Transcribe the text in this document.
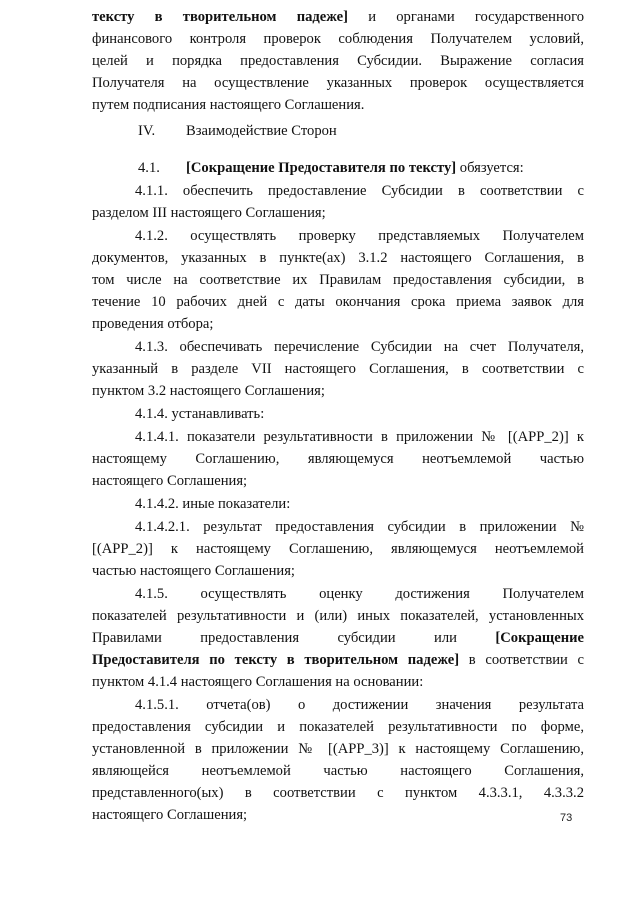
тексту в творительном падеже] и органами государственного
финансового контроля проверок соблюдения Получателем условий,
целей и порядка предоставления Субсидии. Выражение согласия
Получателя на осуществление указанных проверок осуществляется
путем подписания настоящего Соглашения.
IV. Взаимодействие Сторон
4.1. [Сокращение Предоставителя по тексту] обязуется:
4.1.1. обеспечить предоставление Субсидии в соответствии с
разделом III настоящего Соглашения;
4.1.2. осуществлять проверку представляемых Получателем
документов, указанных в пункте(ах) 3.1.2 настоящего Соглашения, в
том числе на соответствие их Правилам предоставления субсидии, в
течение 10 рабочих дней с даты окончания срока приема заявок для
проведения отбора;
4.1.3. обеспечивать перечисление Субсидии на счет Получателя,
указанный в разделе VII настоящего Соглашения, в соответствии с
пунктом 3.2 настоящего Соглашения;
4.1.4. устанавливать:
4.1.4.1. показатели результативности в приложении № [(APP_2)] к
настоящему Соглашению, являющемуся неотъемлемой частью
настоящего Соглашения;
4.1.4.2. иные показатели:
4.1.4.2.1. результат предоставления субсидии в приложении №
[(APP_2)] к настоящему Соглашению, являющемуся неотъемлемой
частью настоящего Соглашения;
4.1.5. осуществлять оценку достижения Получателем
показателей результативности и (или) иных показателей, установленных
Правилами предоставления субсидии или	[Сокращение
Предоставителя по тексту в творительном падеже] в соответствии с
пунктом 4.1.4 настоящего Соглашения на основании:
4.1.5.1. отчета(ов) о достижении значения результата
предоставления субсидии и показателей результативности по форме,
установленной в приложении № [(APP_3)] к настоящему Соглашению,
являющейся неотъемлемой частью настоящего Соглашения,
представленного(ых) в соответствии с пунктом 4.3.3.1, 4.3.3.2
настоящего Соглашения;	73
